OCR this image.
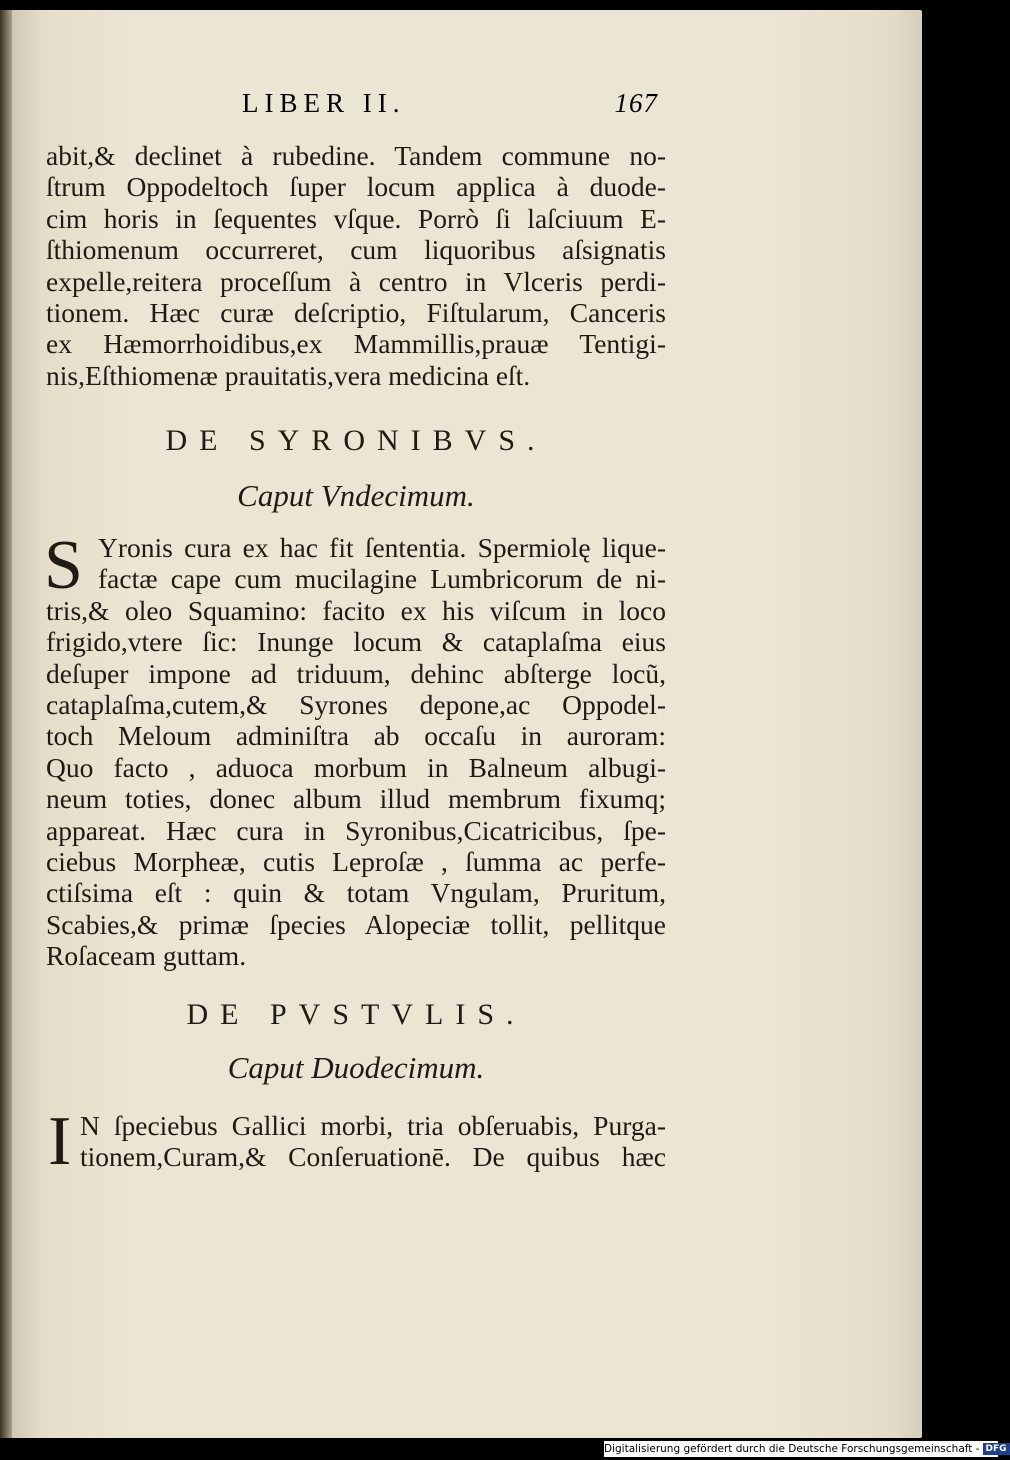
LIBER II.	167
abit,& declinet à rubedine. Tandem commune no-
ſtrum Oppodeltoch ſuper locum applica à duode-
cim horis in ſequentes vſque. Porrò ſi laſciuum E-
ſthiomenum occurreret, cum liquoribus aſsignatis
expelle,reitera proceſſum à centro in Vlceris perdi-
tionem. Hæc curæ deſcriptio, Fiſtularum, Canceris
ex Hæmorrhoidibus,ex Mammillis,prauæ Tentigi-
nis,Eſthiomenæ prauitatis,vera medicina eſt.
DE SYRONIBVS.
Caput Vndecimum.
S Yronis cura ex hac fit ſententia. Spermiolę lique-
factæ cape cum mucilagine Lumbricorum de ni-
tris,& oleo Squamino: facito ex his viſcum in loco
frigido,vtere ſic: Inunge locum & cataplaſma eius
deſuper impone ad triduum, dehinc abſterge locũ,
cataplaſma,cutem,& Syrones depone,ac Oppodel-
toch Meloum adminiſtra ab occaſu in auroram:
Quo facto , aduoca morbum in Balneum albugi-
neum toties, donec album illud membrum fixumq;
appareat. Hæc cura in Syronibus,Cicatricibus, ſpe-
ciebus Morpheæ, cutis Leproſæ , ſumma ac perfe-
ctiſsima eſt : quin & totam Vngulam, Pruritum,
Scabies,& primæ ſpecies Alopeciæ tollit, pellitque
Roſaceam guttam.
DE PVSTVLIS.
Caput Duodecimum.
I N ſpeciebus Gallici morbi, tria obſeruabis, Purga-
tionem,Curam,& Conſeruationē. De quibus hæc
Digitalisierung gefördert durch die Deutsche Forschungsgemeinschaft - DFG
